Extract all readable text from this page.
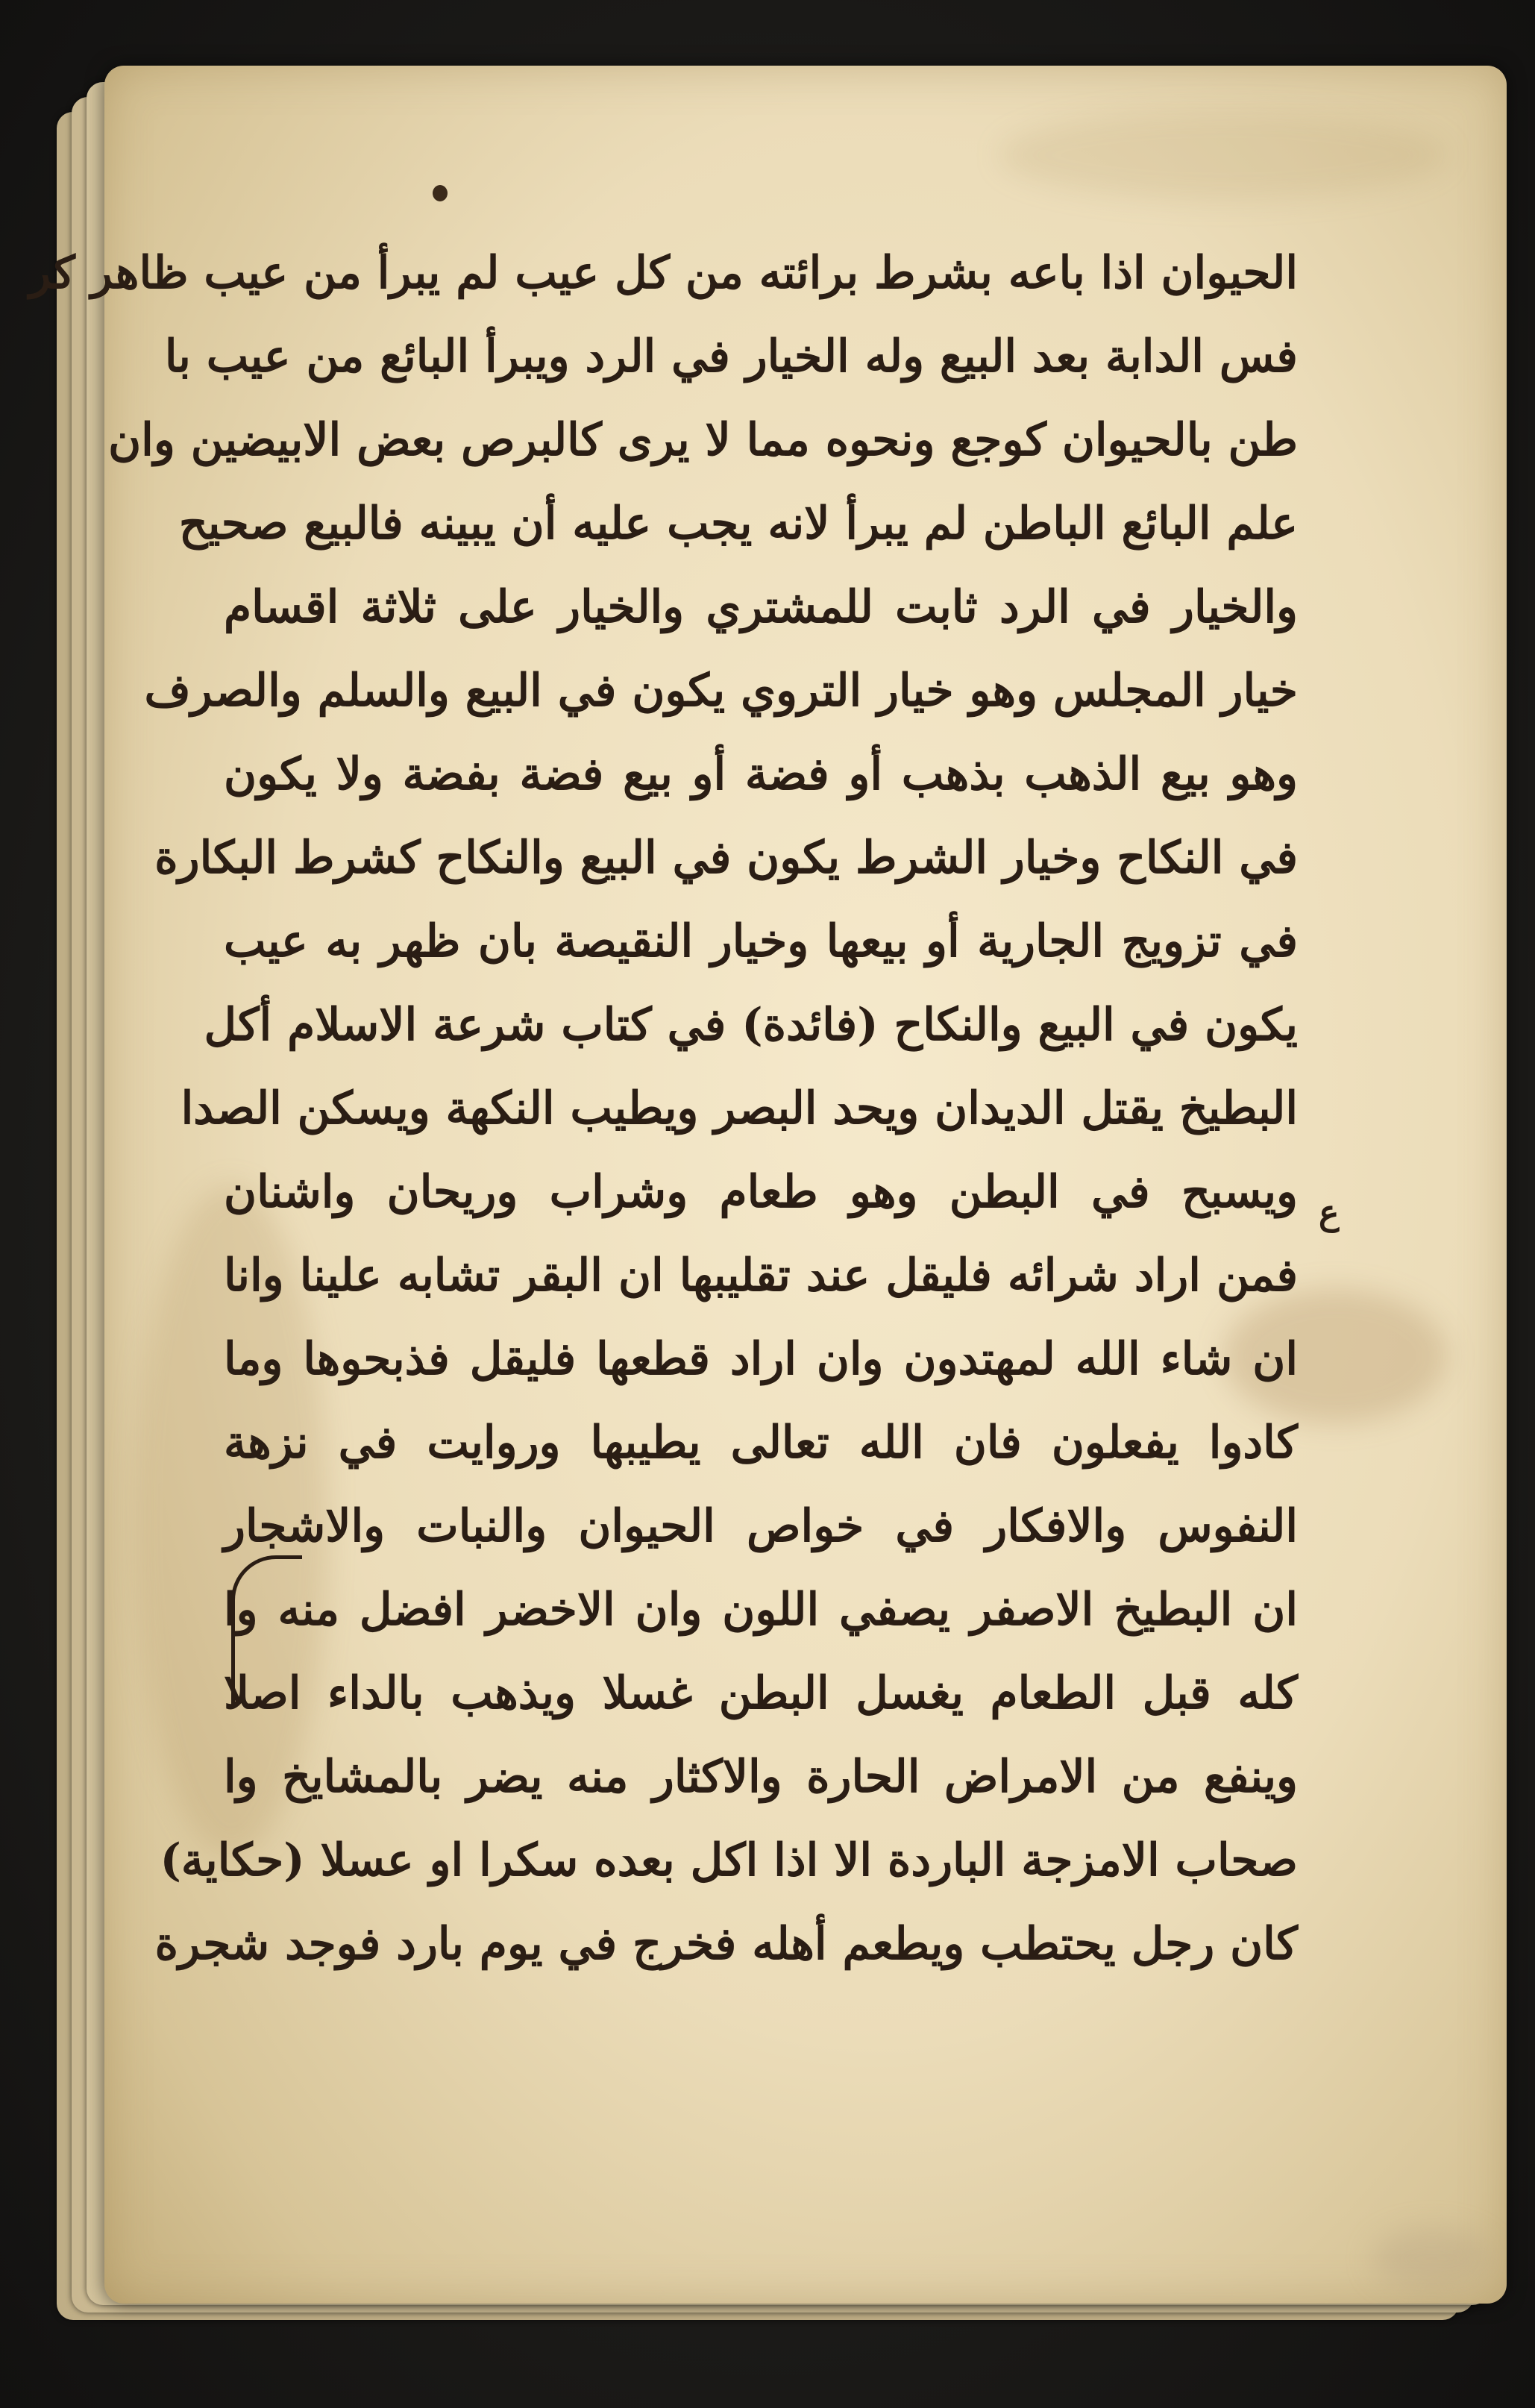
الحيوان اذا باعه بشرط برائته من كل عيب لم يبرأ من عيب ظاهر كر
فس الدابة بعد البيع وله الخيار في الرد ويبرأ البائع من عيب با
طن بالحيوان كوجع ونحوه مما لا يرى كالبرص بعض الابيضين وان
علم البائع الباطن لم يبرأ لانه يجب عليه أن يبينه فالبيع صحيح
والخيار في الرد ثابت للمشتري والخيار على ثلاثة اقسام
خيار المجلس وهو خيار التروي يكون في البيع والسلم والصرف
وهو بيع الذهب بذهب أو فضة أو بيع فضة بفضة ولا يكون
في النكاح وخيار الشرط يكون في البيع والنكاح كشرط البكارة
في تزويج الجارية أو بيعها وخيار النقيصة بان ظهر به عيب
يكون في البيع والنكاح (فائدة) في كتاب شرعة الاسلام أكل
البطيخ يقتل الديدان ويحد البصر ويطيب النكهة ويسكن الصدا
ويسبح في البطن وهو طعام وشراب وريحان واشنان
فمن اراد شرائه فليقل عند تقليبها ان البقر تشابه علينا وانا
ان شاء الله لمهتدون وان اراد قطعها فليقل فذبحوها وما
كادوا يفعلون فان الله تعالى يطيبها وروايت في نزهة
النفوس والافكار في خواص الحيوان والنبات والاشجار
ان البطيخ الاصفر يصفي اللون وان الاخضر افضل منه وا
كله قبل الطعام يغسل البطن غسلا ويذهب بالداء اصلا
وينفع من الامراض الحارة والاكثار منه يضر بالمشايخ وا
صحاب الامزجة الباردة الا اذا اكل بعده سكرا او عسلا (حكاية)
كان رجل يحتطب ويطعم أهله فخرج في يوم بارد فوجد شجرة
ع
